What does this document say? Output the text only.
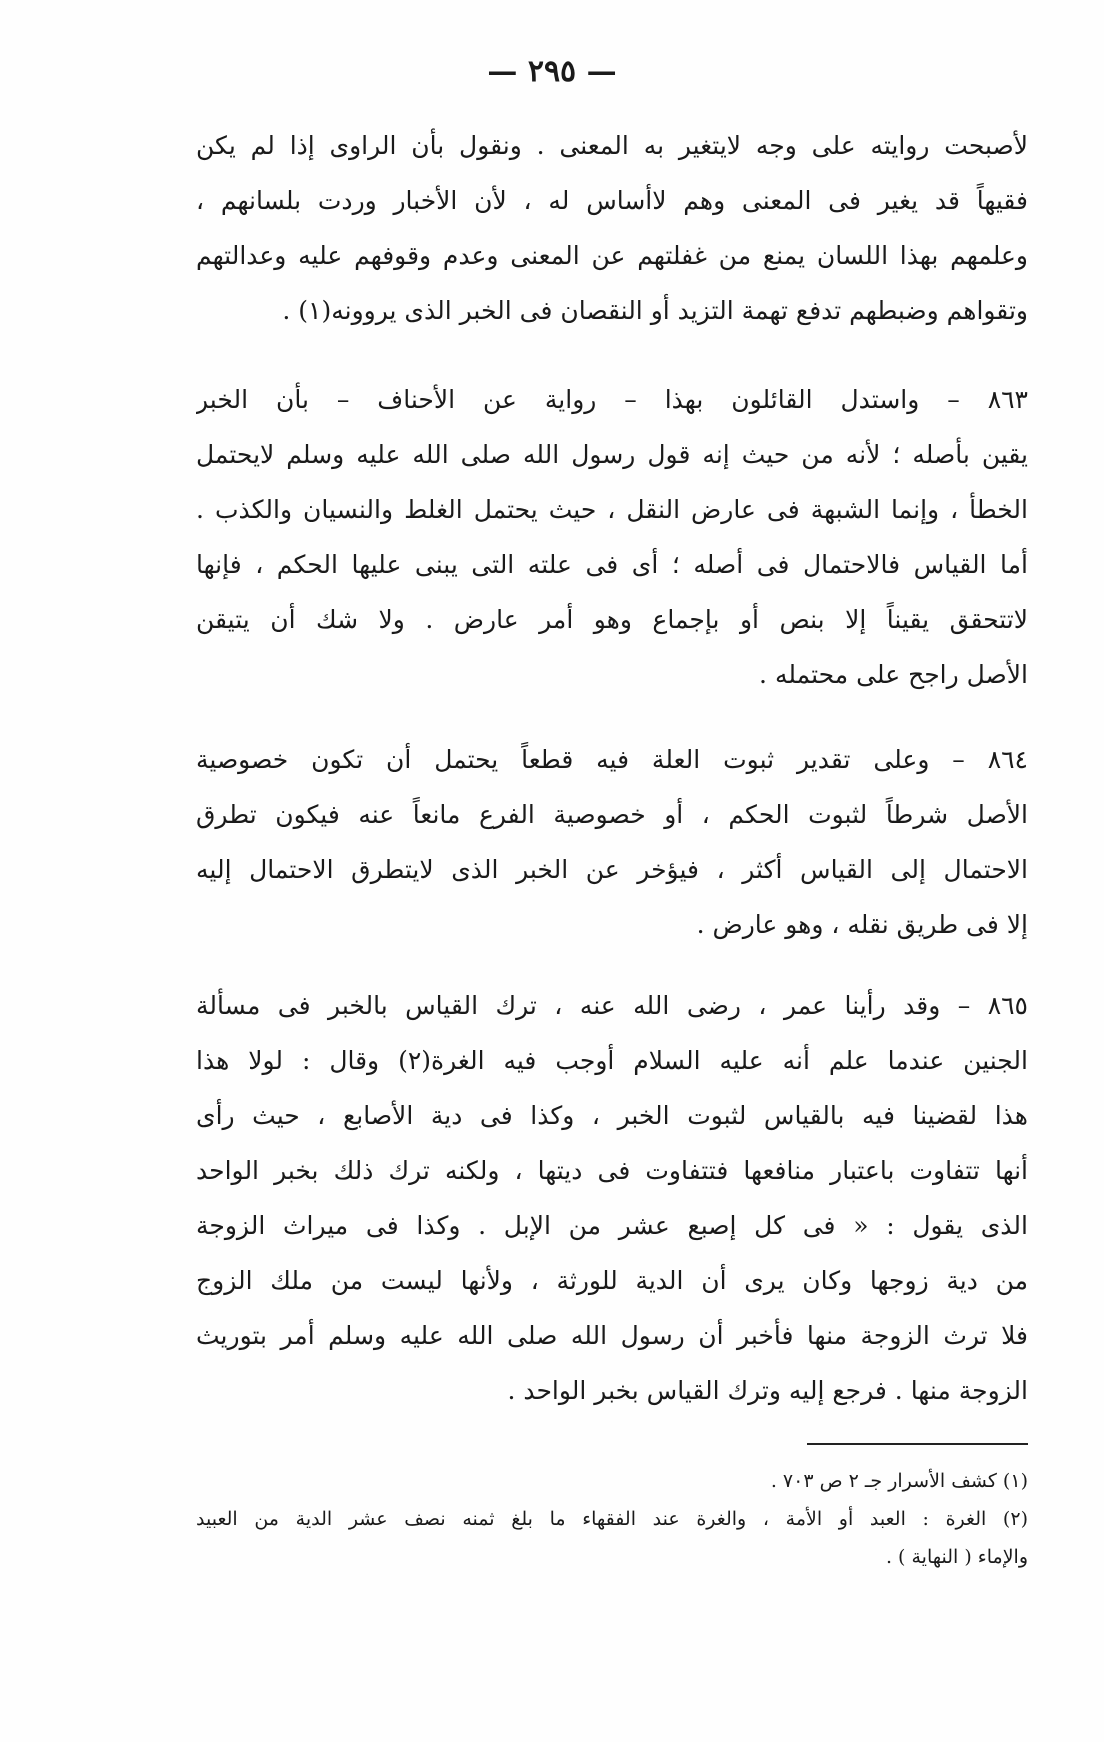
— ٢٩٥ —
لأصبحت روايته على وجه لايتغير به المعنى . ونقول بأن الراوى إذا لم يكن
فقيهاً قد يغير فى المعنى وهم لاأساس له ، لأن الأخبار وردت بلسانهم ،
وعلمهم بهذا اللسان يمنع من غفلتهم عن المعنى وعدم وقوفهم عليه وعدالتهم
وتقواهم وضبطهم تدفع تهمة التزيد أو النقصان فى الخبر الذى يروونه(١) .
٨٦٣ – واستدل القائلون بهذا – رواية عن الأحناف – بأن الخبر
يقين بأصله ؛ لأنه من حيث إنه قول رسول الله صلى الله عليه وسلم لايحتمل
الخطأ ، وإنما الشبهة فى عارض النقل ، حيث يحتمل الغلط والنسيان والكذب .
أما القياس فالاحتمال فى أصله ؛ أى فى علته التى يبنى عليها الحكم ، فإنها
لاتتحقق يقيناً إلا بنص أو بإجماع وهو أمر عارض . ولا شك أن يتيقن
الأصل راجح على محتمله .
٨٦٤ – وعلى تقدير ثبوت العلة فيه قطعاً يحتمل أن تكون خصوصية
الأصل شرطاً لثبوت الحكم ، أو خصوصية الفرع مانعاً عنه فيكون تطرق
الاحتمال إلى القياس أكثر ، فيؤخر عن الخبر الذى لايتطرق الاحتمال إليه
إلا فى طريق نقله ، وهو عارض .
٨٦٥ – وقد رأينا عمر ، رضى الله عنه ، ترك القياس بالخبر فى مسألة
الجنين عندما علم أنه عليه السلام أوجب فيه الغرة(٢) وقال : لولا هذا
هذا لقضينا فيه بالقياس لثبوت الخبر ، وكذا فى دية الأصابع ، حيث رأى
أنها تتفاوت باعتبار منافعها فتتفاوت فى ديتها ، ولكنه ترك ذلك بخبر الواحد
الذى يقول : « فى كل إصبع عشر من الإبل . وكذا فى ميراث الزوجة
من دية زوجها وكان يرى أن الدية للورثة ، ولأنها ليست من ملك الزوج
فلا ترث الزوجة منها فأخبر أن رسول الله صلى الله عليه وسلم أمر بتوريث
الزوجة منها . فرجع إليه وترك القياس بخبر الواحد .
(١) كشف الأسرار جـ ٢ ص ٧٠٣ .
(٢) الغرة : العبد أو الأمة ، والغرة عند الفقهاء ما بلغ ثمنه نصف عشر الدية من العبيد
والإماء ( النهاية ) .
